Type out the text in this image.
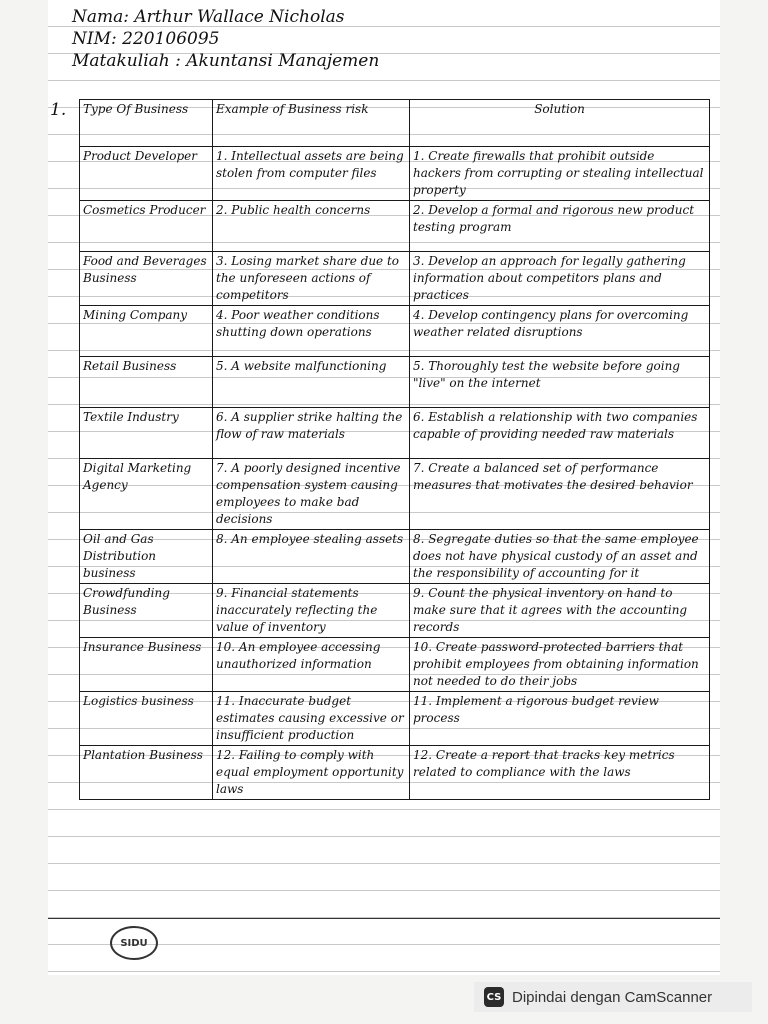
Nama: Arthur Wallace Nicholas
NIM: 220106095
Matakuliah : Akuntansi Manajemen
1. Type Of Business	Example of Business risk	Solution
Product Developer	1. Intellectual assets are being stolen from computer files	1. Create firewalls that prohibit outside hackers from corrupting or stealing intellectual property
Cosmetics Producer	2. Public health concerns	2. Develop a formal and rigorous new product testing program
Food and Beverages Business	3. Losing market share due to the unforeseen actions of competitors	3. Develop an approach for legally gathering information about competitors plans and practices
Mining Company	4. Poor weather conditions shutting down operations	4. Develop contingency plans for overcoming weather related disruptions
Retail Business	5. A website malfunctioning	5. Thoroughly test the website before going "live" on the internet
Textile Industry	6. A supplier strike halting the flow of raw materials	6. Establish a relationship with two companies capable of providing needed raw materials
Digital Marketing Agency	7. A poorly designed incentive compensation system causing employees to make bad decisions	7. Create a balanced set of performance measures that motivates the desired behavior
Oil and Gas Distribution business	8. An employee stealing assets	8. Segregate duties so that the same employee does not have physical custody of an asset and the responsibility of accounting for it
Crowdfunding Business	9. Financial statements inaccurately reflecting the value of inventory	9. Count the physical inventory on hand to make sure that it agrees with the accounting records
Insurance Business	10. An employee accessing unauthorized information	10. Create password-protected barriers that prohibit employees from obtaining information not needed to do their jobs
Logistics business	11. Inaccurate budget estimates causing excessive or insufficient production	11. Implement a rigorous budget review process
Plantation Business	12. Failing to comply with equal employment opportunity laws	12. Create a report that tracks key metrics related to compliance with the laws
SIDU
CS Dipindai dengan CamScanner
